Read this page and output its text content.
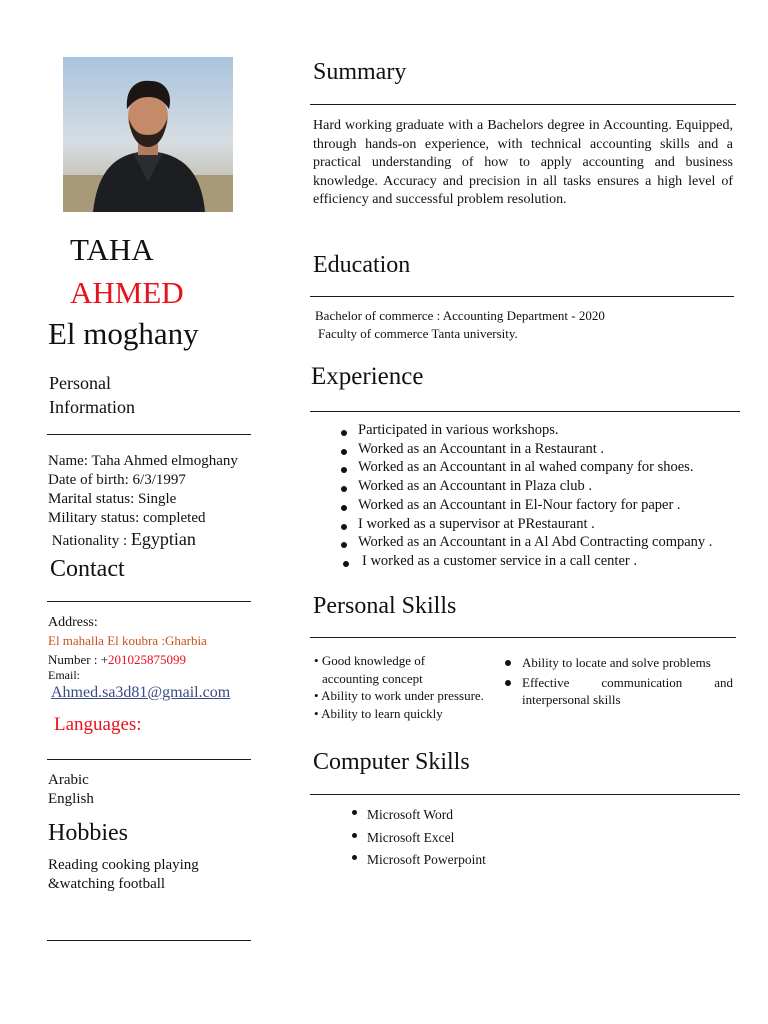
TAHA
AHMED
El moghany
Personal
Information
Name: Taha Ahmed elmoghany
Date of birth: 6/3/1997
Marital status: Single
Military status: completed
Nationality : Egyptian
Contact
Address:
El mahalla El koubra :Gharbia
Number : +201025875099
Email:
Ahmed.sa3d81@gmail.com
Languages:
Arabic
English
Hobbies
Reading cooking playing
&watching football
Summary
Hard working graduate with a Bachelors degree in Accounting. Equipped, through hands-on experience, with technical accounting skills and a practical understanding of how to apply accounting and business knowledge. Accuracy and precision in all tasks ensures a high level of efficiency and successful problem resolution.
Education
Bachelor of commerce : Accounting Department - 2020
Faculty of commerce Tanta university.
Experience
Participated in various workshops.
Worked as an Accountant in a Restaurant .
Worked as an Accountant in al wahed company for shoes.
Worked as an Accountant in Plaza club .
Worked as an Accountant in El-Nour factory for paper .
I worked as a supervisor at PRestaurant .
Worked as an Accountant in a Al Abd Contracting company .
I worked as a customer service in a call center .
Personal Skills
• Good knowledge of accounting concept
• Ability to work under pressure.
• Ability to learn quickly
Ability to locate and solve problems
Effective communication and interpersonal skills
Computer Skills
Microsoft Word
Microsoft Excel
Microsoft Powerpoint
